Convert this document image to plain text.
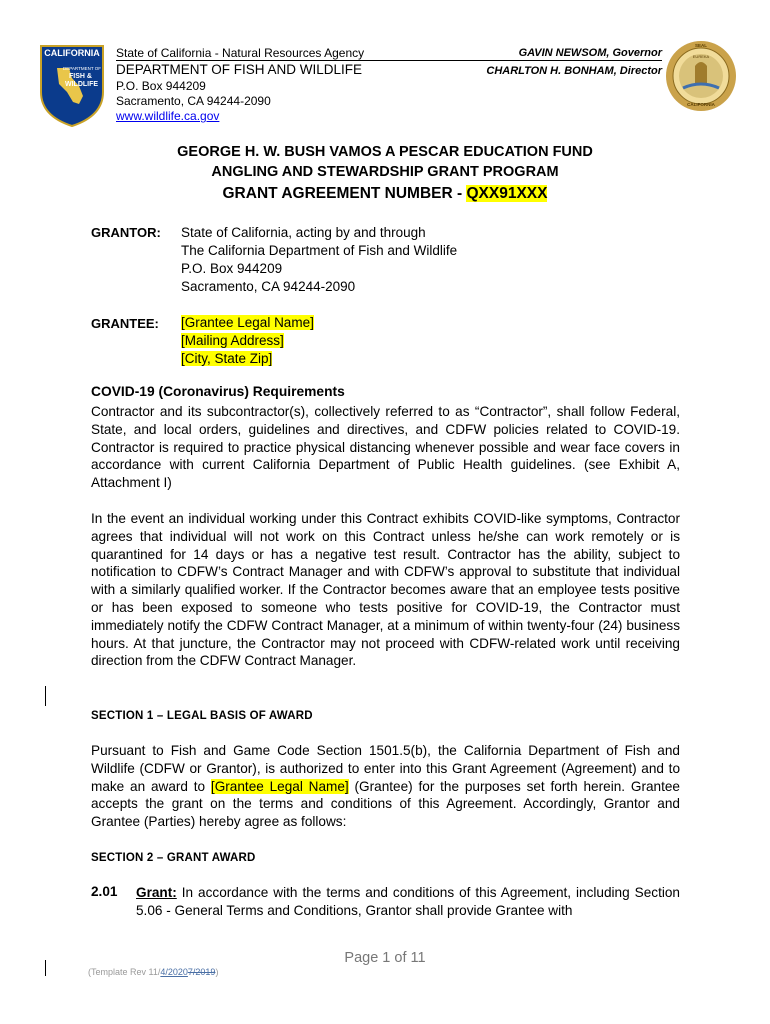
CALIFORNIA
DEPARTMENT OF
FISH &
WILDLIFE
State of California - Natural Resources Agency
DEPARTMENT OF FISH AND WILDLIFE
P.O. Box 944209
Sacramento, CA 94244-2090
www.wildlife.ca.gov
GAVIN NEWSOM, Governor
CHARLTON H. BONHAM, Director
SEAL
CALIFORNIA
EUREKA
GEORGE H. W. BUSH VAMOS A PESCAR EDUCATION FUND
ANGLING AND STEWARDSHIP GRANT PROGRAM
GRANT AGREEMENT NUMBER - QXX91XXX
GRANTOR: State of California, acting by and through
The California Department of Fish and Wildlife
P.O. Box 944209
Sacramento, CA 94244-2090
GRANTEE: [Grantee Legal Name]
[Mailing Address]
[City, State Zip]
COVID-19 (Coronavirus) Requirements
Contractor and its subcontractor(s), collectively referred to as “Contractor”, shall follow Federal, State, and local orders, guidelines and directives, and CDFW policies related to COVID-19. Contractor is required to practice physical distancing whenever possible and wear face covers in accordance with current California Department of Public Health guidelines. (see Exhibit A, Attachment I)
In the event an individual working under this Contract exhibits COVID-like symptoms, Contractor agrees that individual will not work on this Contract unless he/she can work remotely or is quarantined for 14 days or has a negative test result. Contractor has the ability, subject to notification to CDFW’s Contract Manager and with CDFW’s approval to substitute that individual with a similarly qualified worker. If the Contractor becomes aware that an employee tests positive or has been exposed to someone who tests positive for COVID-19, the Contractor must immediately notify the CDFW Contract Manager, at a minimum of within twenty-four (24) business hours. At that juncture, the Contractor may not proceed with CDFW-related work until receiving direction from the CDFW Contract Manager.
SECTION 1 – LEGAL BASIS OF AWARD
Pursuant to Fish and Game Code Section 1501.5(b), the California Department of Fish and Wildlife (CDFW or Grantor), is authorized to enter into this Grant Agreement (Agreement) and to make an award to [Grantee Legal Name] (Grantee) for the purposes set forth herein. Grantee accepts the grant on the terms and conditions of this Agreement. Accordingly, Grantor and Grantee (Parties) hereby agree as follows:
SECTION 2 – GRANT AWARD
2.01 Grant: In accordance with the terms and conditions of this Agreement, including Section 5.06 - General Terms and Conditions, Grantor shall provide Grantee with
Page 1 of 11
(Template Rev 11/4/20207/2019)
